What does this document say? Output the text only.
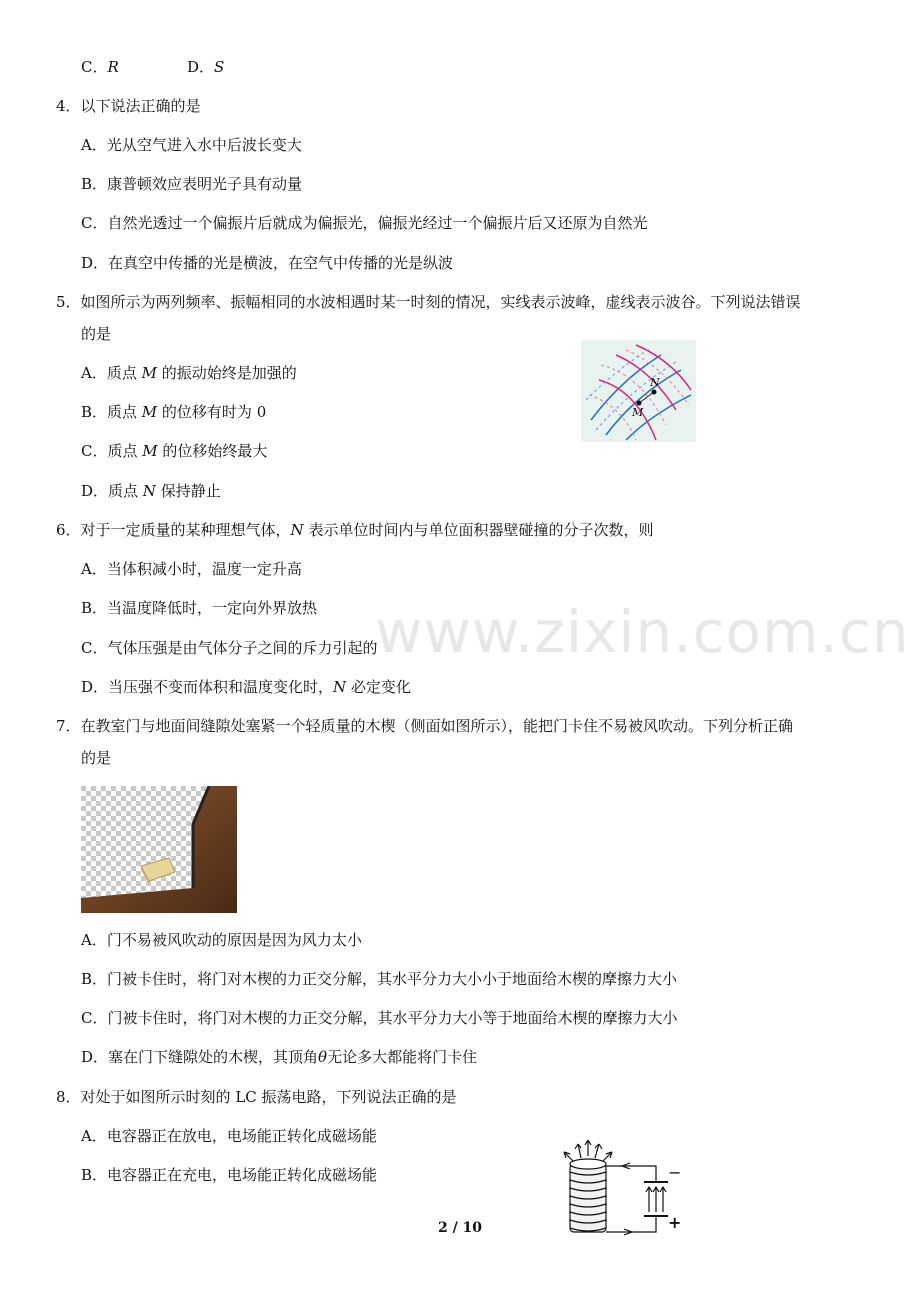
www.zixin.com.cn
C．R	D．S
4．以下说法正确的是
A．光从空气进入水中后波长变大
B．康普顿效应表明光子具有动量
C．自然光透过一个偏振片后就成为偏振光，偏振光经过一个偏振片后又还原为自然光
D．在真空中传播的光是横波，在空气中传播的光是纵波
5．如图所示为两列频率、振幅相同的水波相遇时某一时刻的情况，实线表示波峰，虚线表示波谷。下列说法错误
的是
A．质点 M 的振动始终是加强的
B．质点 M 的位移有时为 0
C．质点 M 的位移始终最大
D．质点 N 保持静止
N
M
6．对于一定质量的某种理想气体，N 表示单位时间内与单位面积器壁碰撞的分子次数，则
A．当体积减小时，温度一定升高
B．当温度降低时，一定向外界放热
C．气体压强是由气体分子之间的斥力引起的
D．当压强不变而体积和温度变化时，N 必定变化
7．在教室门与地面间缝隙处塞紧一个轻质量的木楔（侧面如图所示），能把门卡住不易被风吹动。下列分析正确
的是
A．门不易被风吹动的原因是因为风力太小
B．门被卡住时，将门对木楔的力正交分解，其水平分力大小小于地面给木楔的摩擦力大小
C．门被卡住时，将门对木楔的力正交分解，其水平分力大小等于地面给木楔的摩擦力大小
D．塞在门下缝隙处的木楔，其顶角θ无论多大都能将门卡住
8．对处于如图所示时刻的 LC 振荡电路，下列说法正确的是
A．电容器正在放电，电场能正转化成磁场能
B．电容器正在充电，电场能正转化成磁场能	−
+
2 / 10
